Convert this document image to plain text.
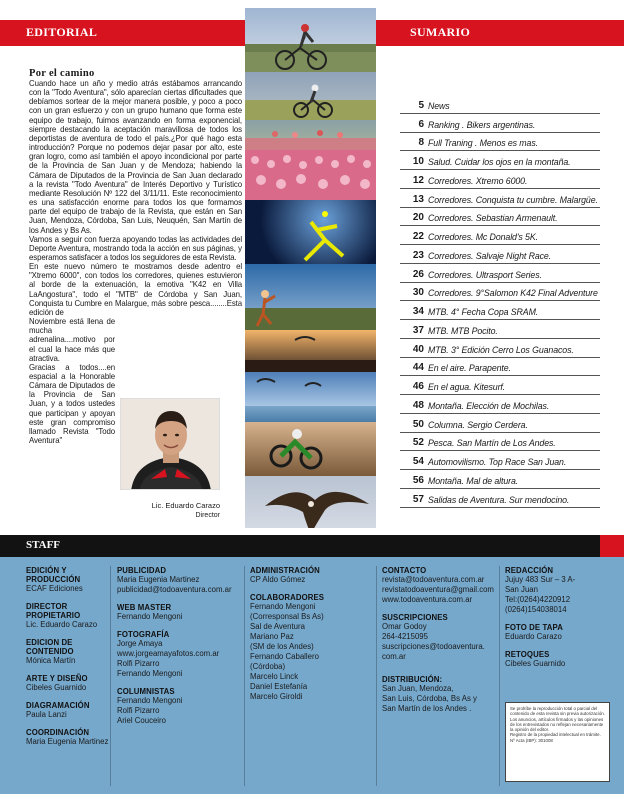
EDITORIAL	SUMARIO
Por el camino

Cuando hace un año y medio atrás estábamos arrancando con la "Todo Aventura", sólo aparecían ciertas dificultades que debíamos sortear de la mejor manera posible, y poco a poco con un gran esfuerzo y con un grupo humano que forma este equipo de trabajo, fuimos avanzando en forma exponencial, siempre destacando la aceptación maravillosa de todos los deportistas de aventura de todo el país.¿Por qué hago esta introducción? Porque no podemos dejar pasar por alto, este gran logro, como así también el apoyo incondicional por parte de la Provincia de San Juan y de Mendoza; habiendo la Cámara de Diputados de la Provincia de San Juan declarado a la revista "Todo Aventura" de Interés Deportivo y Turístico mediante Resolución Nº 122 del 3/11/11. Este reconocimiento es una satisfacción enorme para todos los que formamos parte del equipo de trabajo de la Revista, que están en San Juan, Mendoza, Córdoba, San Luis, Neuquén, San Martín de los Andes y Bs As.

Vamos a seguir con fuerza apoyando todas las actividades del Deporte Aventura, mostrando toda la acción en sus páginas, y esperamos satisfacer a todos los seguidores de esta Revista.

En este nuevo número te mostramos desde adentro el "Xtremo 6000", con todos los corredores, quienes estuvieron al borde de la extenuación, la emotiva "K42 en Villa LaAngostura", todo el "MTB" de Córdoba y San Juan, Conquista tu Cumbre en Malargue, más sobre pesca........Esta edición de

Noviembre está llena de mucha adrenalina....motivo por el cual la hace más que atractiva.

Gracias a todos....en espacial a la Honorable Cámara de Diputados de la Provincia de San Juan, y a todos ustedes que participan y apoyan este gran compromiso llamado Revista "Todo Aventura"

Lic. Eduardo Carazo
Director
5 News
6 Ranking . Bikers argentinas.
8 Full Traning . Menos es mas.
10 Salud. Cuidar los ojos en la montaña.
12 Corredores. Xtremo 6000.
13 Corredores. Conquista tu cumbre. Malargüe.
20 Corredores. Sebastian Armenault.
22 Corredores. Mc Donald's 5K.
23 Corredores. Salvaje Night Race.
26 Corredores. Ultrasport Series.
30 Corredores. 9°Salomon K42 Final Adventure
34 MTB. 4° Fecha Copa SRAM.
37 MTB. MTB Pocito.
40 MTB. 3° Edición Cerro Los Guanacos.
44 En el aire. Parapente.
46 En el agua. Kitesurf.
48 Montaña. Elección de Mochilas.
50 Columna. Sergio Cerdera.
52 Pesca. San Martín de Los Andes.
54 Automovilismo. Top Race San Juan.
56 Montaña. Mal de altura.
57 Salidas de Aventura. Sur mendocino.
STAFF
EDICIÓN Y PRODUCCIÓN
ECAF Ediciones
DIRECTOR PROPIETARIO
Lic. Eduardo Carazo
EDICION DE CONTENIDO
Mónica Martín
ARTE Y DISEÑO
Cibeles Guarnido
DIAGRAMACIÓN
Paula Lanzi
COORDINACIÓN
Maria Eugenia Martinez
PUBLICIDAD
Maria Eugenia Martinez
publicidad@todoaventura.com.ar
WEB MASTER
Fernando Mengoni
FOTOGRAFÍA
Jorge Amaya
www.jorgeamayafotos.com.ar
Rolfi Pizarro
Fernando Mengoni
COLUMNISTAS
Fernando Mengoni
Rolfi Pizarro
Ariel Couceiro
ADMINISTRACIÓN
CP Aldo Gómez
COLABORADORES
Fernando Mengoni
(Corresponsal Bs As)
Sal de Aventura
Mariano Paz
(SM de los Andes)
Fernando Caballero
(Córdoba)
Marcelo Linck
Daniel Estefanía
Marcelo Giroldi
CONTACTO
revista@todoaventura.com.ar
revistatodoaventura@gmail.com
www.todoaventura.com.ar
SUSCRIPCIONES
Omar Godoy
264-4215095
suscripciones@todoaventura.
com.ar
DISTRIBUCIÓN:
San Juan, Mendoza,
San Luis, Córdoba, Bs As y
San Martín de los Andes .
REDACCIÓN
Jujuy 483 Sur – 3 A-
San Juan
Tel:(0264)4220912
(0264)154038014
FOTO DE TAPA
Eduardo Carazo
RETOQUES
Cibeles Guarnido
Se prohíbe la reproducción total o parcial del contenido de esta revista sin previa autorización.
Los anuncios, artículos firmados y las opiniones de los entrevistados no reflejan necesariamente la opinión del editor.
Registro de la propiedad intelectual en trámite.
Nº Acta (IBP): 301008
